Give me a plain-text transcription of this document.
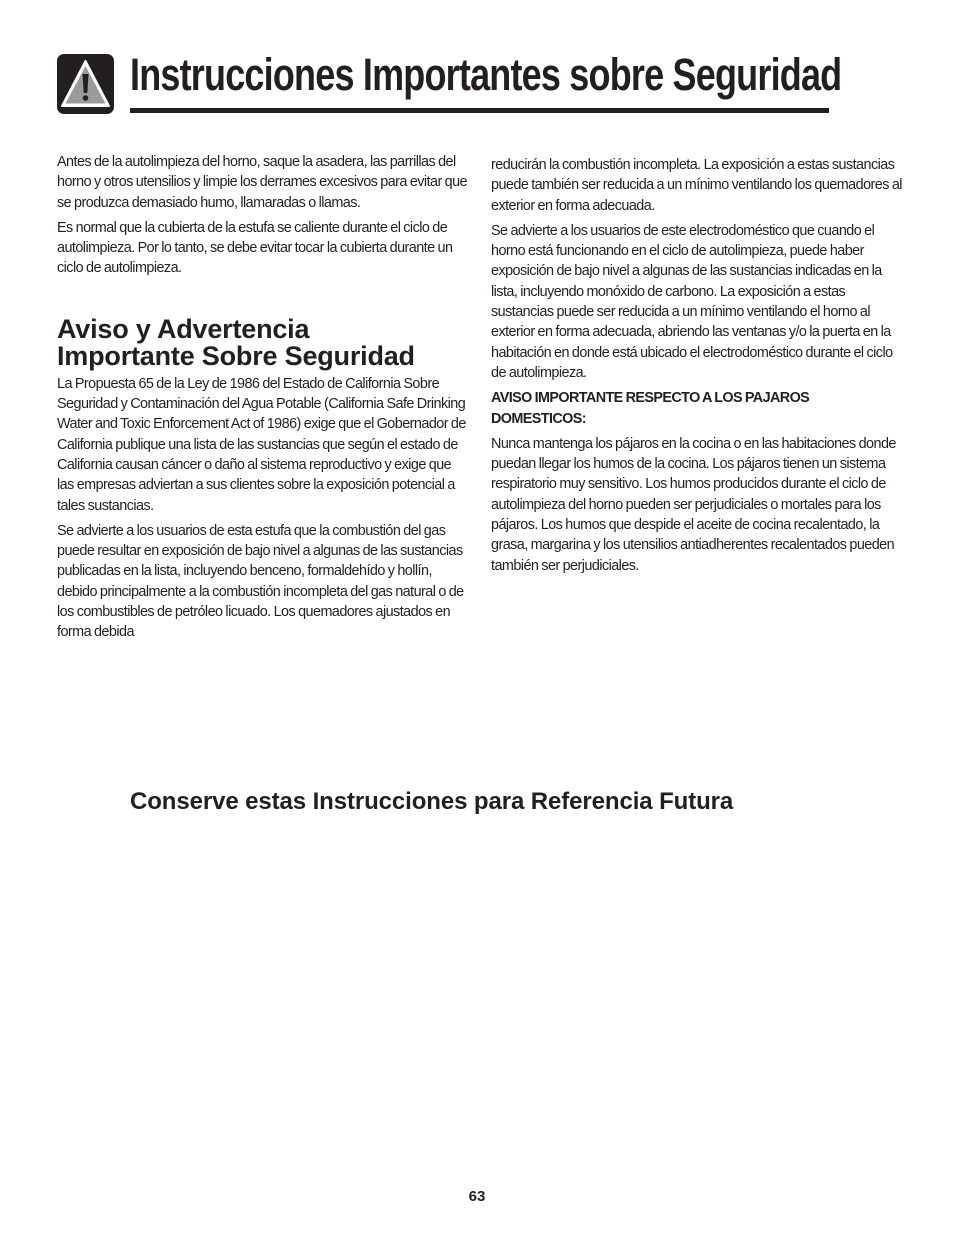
Instrucciones Importantes sobre Seguridad

Antes de la autolimpieza del horno, saque la asadera, las parrillas del horno y otros utensilios y limpie los derrames excesivos para evitar que se produzca demasiado humo, llamaradas o llamas.

Es normal que la cubierta de la estufa se caliente durante el ciclo de autolimpieza. Por lo tanto, se debe evitar tocar la cubierta durante un ciclo de autolimpieza.

Aviso y Advertencia
Importante Sobre Seguridad

La Propuesta 65 de la Ley de 1986 del Estado de California Sobre Seguridad y Contaminación del Agua Potable (California Safe Drinking Water and Toxic Enforcement Act of 1986) exige que el Gobernador de California publique una lista de las sustancias que según el estado de California causan cáncer o daño al sistema reproductivo y exige que las empresas adviertan a sus clientes sobre la exposición potencial a tales sustancias.

Se advierte a los usuarios de esta estufa que la combustión del gas puede resultar en exposición de bajo nivel a algunas de las sustancias publicadas en la lista, incluyendo benceno, formaldehído y hollín, debido principalmente a la combustión incompleta del gas natural o de los combustibles de petróleo licuado. Los quemadores ajustados en forma debida

reducirán la combustión incompleta. La exposición a estas sustancias puede también ser reducida a un mínimo ventilando los quemadores al exterior en forma adecuada.

Se advierte a los usuarios de este electrodoméstico que cuando el horno está funcionando en el ciclo de autolimpieza, puede haber exposición de bajo nivel a algunas de las sustancias indicadas en la lista, incluyendo monóxido de carbono. La exposición a estas sustancias puede ser reducida a un mínimo ventilando el horno al exterior en forma adecuada, abriendo las ventanas y/o la puerta en la habitación en donde está ubicado el electrodoméstico durante el ciclo de autolimpieza.

AVISO IMPORTANTE RESPECTO A LOS PAJAROS DOMESTICOS:

Nunca mantenga los pájaros en la cocina o en las habitaciones donde puedan llegar los humos de la cocina. Los pájaros tienen un sistema respiratorio muy sensitivo. Los humos producidos durante el ciclo de autolimpieza del horno pueden ser perjudiciales o mortales para los pájaros. Los humos que despide el aceite de cocina recalentado, la grasa, margarina y los utensilios antiadherentes recalentados pueden también ser perjudiciales.

Conserve estas Instrucciones para Referencia Futura
63
